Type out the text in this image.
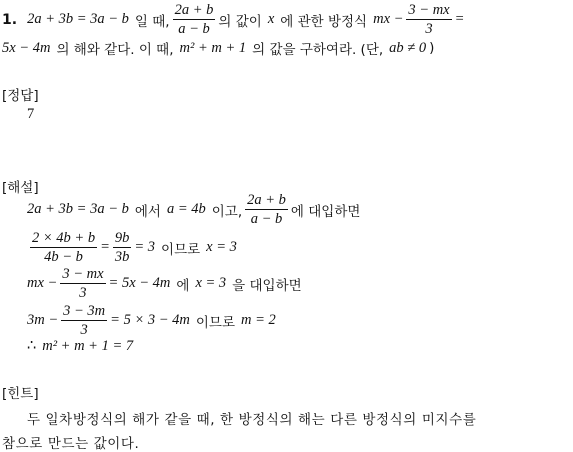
1. 2a + 3b = 3a − b 일 때, $\frac{2a + b}{a - b}$ 의 값이 x 에 관한 방정식 mx − $\frac{3 - mx}{3}$ =
5x − 4m 의 해와 같다. 이 때, m² + m + 1 의 값을 구하여라. (단, ab ≠ 0 )
[정답]
7
[해설]
2a + 3b = 3a − b 에서 a = 4b 이고, $\frac{2a + b}{a - b}$ 에 대입하면
$\frac{2 \times 4b + b}{4b - b} = \frac{9b}{3b} = 3$ 이므로 x = 3
mx − $\frac{3 - mx}{3} = 5x - 4m$ 에 x = 3 을 대입하면
$3m - \frac{3 - 3m}{3} = 5 \times 3 - 4m$ 이므로 m = 2
∴ m² + m + 1 = 7
[힌트]
두 일차방정식의 해가 같을 때, 한 방정식의 해는 다른 방정식의 미지수를
참으로 만드는 값이다.
